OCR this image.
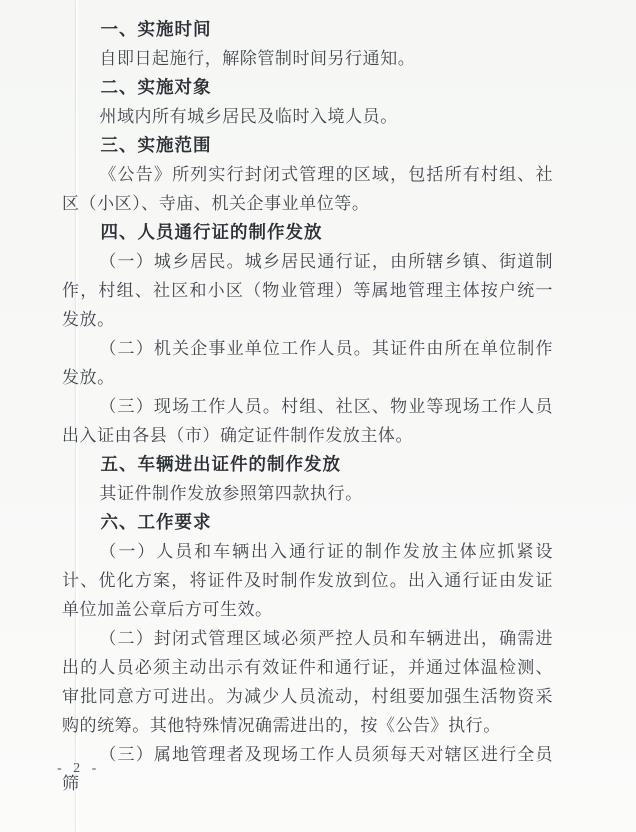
一、实施时间

自即日起施行，解除管制时间另行通知。

二、实施对象

州域内所有城乡居民及临时入境人员。

三、实施范围

《公告》所列实行封闭式管理的区域，包括所有村组、社区（小区）、寺庙、机关企事业单位等。

四、人员通行证的制作发放

（一）城乡居民。城乡居民通行证，由所辖乡镇、街道制作，村组、社区和小区（物业管理）等属地管理主体按户统一发放。

（二）机关企事业单位工作人员。其证件由所在单位制作发放。

（三）现场工作人员。村组、社区、物业等现场工作人员出入证由各县（市）确定证件制作发放主体。

五、车辆进出证件的制作发放

其证件制作发放参照第四款执行。

六、工作要求

（一）人员和车辆出入通行证的制作发放主体应抓紧设计、优化方案，将证件及时制作发放到位。出入通行证由发证单位加盖公章后方可生效。

（二）封闭式管理区域必须严控人员和车辆进出，确需进出的人员必须主动出示有效证件和通行证，并通过体温检测、审批同意方可进出。为减少人员流动，村组要加强生活物资采购的统筹。其他特殊情况确需进出的，按《公告》执行。

（三）属地管理者及现场工作人员须每天对辖区进行全员筛

- 2 -
